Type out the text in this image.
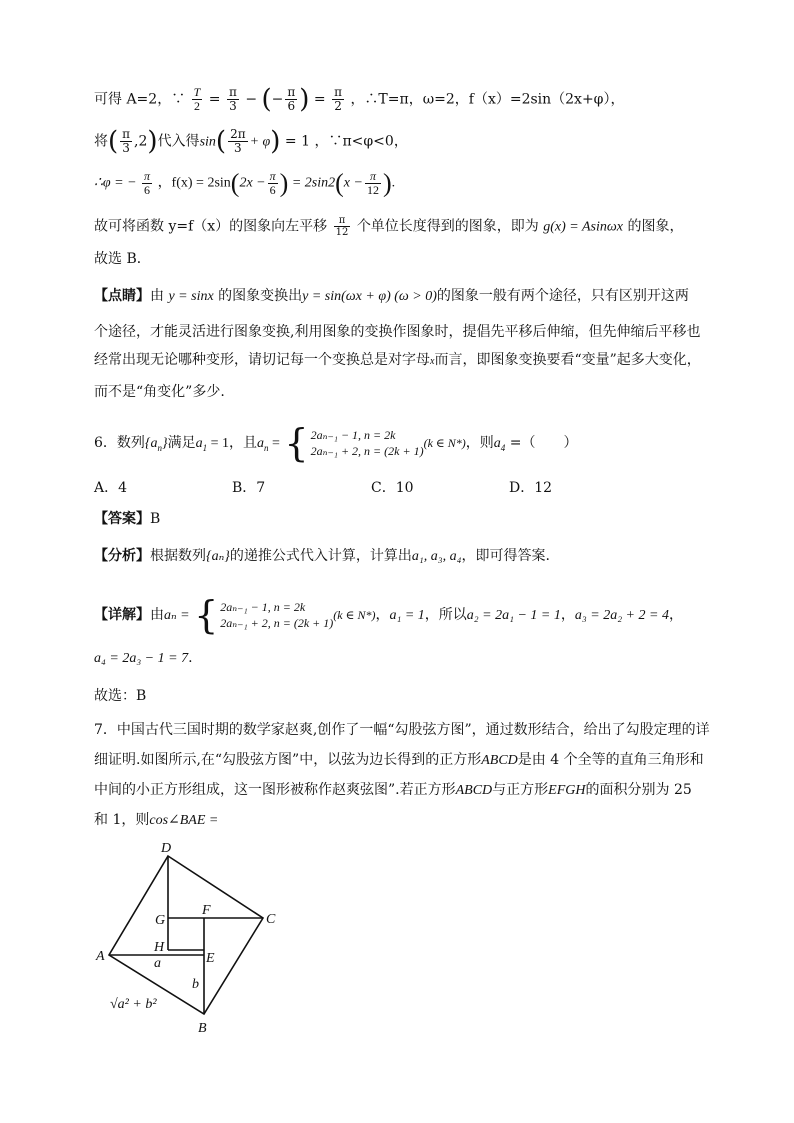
可得 A=2，∵ $\frac{T}{2} = \frac{\pi}{3}$ − (− $\frac{\pi}{6}$ ) = $\frac{\pi}{2}$ ，∴T=π，ω=2，f（x）=2sin（2x+φ），
将( $\frac{\pi}{3} ,2$)代入得$\sin( \frac{2\pi}{3} + \varphi) = 1$ ，∵π<φ<0，
∴φ = − $\frac{\pi}{6}$ ，$f(x) = 2\sin(2x - \frac{\pi}{6}$ ) = $2\sin 2(x - \frac{\pi}{12}$ ).
故可将函数 y=f（x）的图象向左平移 $\frac{\pi}{12}$ 个单位长度得到的图象，即为 g(x) = Asinωx 的图象，
故选 B．
【点睛】由 y = sinx 的图象变换出y = sin(ωx + φ) (ω > 0)的图象一般有两个途径，只有区别开这两
个途径，才能灵活进行图象变换,利用图象的变换作图象时，提倡先平移后伸缩，但先伸缩后平移也
经常出现无论哪种变形，请切记每一个变换总是对字母x而言，即图象变换要看“变量”起多大变化，
而不是“角变化”多少.
6．数列$\{a_n\}$满足$a_1 = 1$，且$a_n$ = { 2aₙ₋₁ − 1, n = 2k
2aₙ₋₁ + 2, n = (2k + 1)
(k ∈ N*)，则$a_4$ =（　　）
A．4	B．7	C．10	D．12
【答案】B
【分析】根据数列{aₙ}的递推公式代入计算，计算出a₁, a₃, a₄，即可得答案.
【详解】由aₙ = { 2aₙ₋₁ − 1, n = 2k
2aₙ₋₁ + 2, n = (2k + 1)
(k ∈ N*)，a₁ = 1，所以a₂ = 2a₁ − 1 = 1，a₃ = 2a₂ + 2 = 4，
a₄ = 2a₃ − 1 = 7.
故选：B
7．中国古代三国时期的数学家赵爽,创作了一幅“勾股弦方图”，通过数形结合，给出了勾股定理的详
细证明.如图所示,在“勾股弦方图”中，以弦为边长得到的正方形ABCD是由 4 个全等的直角三角形和
中间的小正方形组成，这一图形被称作赵爽弦图”.若正方形ABCD与正方形EFGH的面积分别为 25
和 1，则cos∠BAE =
D
C
A
B
G
F
H
E
a
b
√a² + b²
